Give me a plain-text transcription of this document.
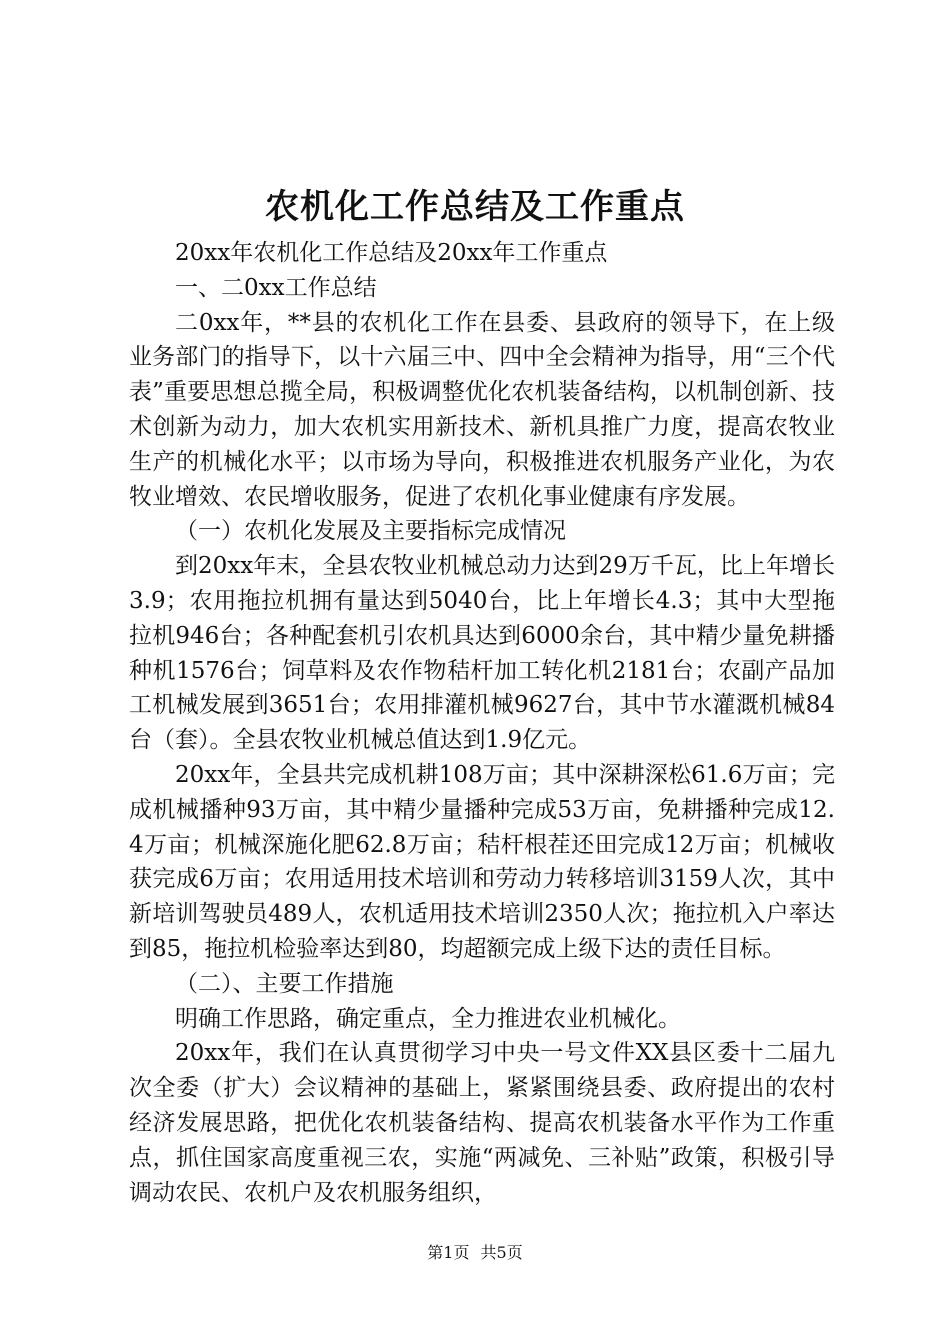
农机化工作总结及工作重点

20xx年农机化工作总结及20xx年工作重点

一、二0xx工作总结

二0xx年，**县的农机化工作在县委、县政府的领导下，在上级业务部门的指导下，以十六届三中、四中全会精神为指导，用“三个代表”重要思想总揽全局，积极调整优化农机装备结构，以机制创新、技术创新为动力，加大农机实用新技术、新机具推广力度，提高农牧业生产的机械化水平；以市场为导向，积极推进农机服务产业化，为农牧业增效、农民增收服务，促进了农机化事业健康有序发展。

（一）农机化发展及主要指标完成情况

到20xx年末，全县农牧业机械总动力达到29万千瓦，比上年增长3.9；农用拖拉机拥有量达到5040台，比上年增长4.3；其中大型拖拉机946台；各种配套机引农机具达到6000余台，其中精少量免耕播种机1576台；饲草料及农作物秸杆加工转化机2181台；农副产品加工机械发展到3651台；农用排灌机械9627台，其中节水灌溉机械84台（套）。全县农牧业机械总值达到1.9亿元。

20xx年，全县共完成机耕108万亩；其中深耕深松61.6万亩；完成机械播种93万亩，其中精少量播种完成53万亩，免耕播种完成12.4万亩；机械深施化肥62.8万亩；秸杆根茬还田完成12万亩；机械收获完成6万亩；农用适用技术培训和劳动力转移培训3159人次，其中新培训驾驶员489人，农机适用技术培训2350人次；拖拉机入户率达到85，拖拉机检验率达到80，均超额完成上级下达的责任目标。

（二）、主要工作措施

明确工作思路，确定重点，全力推进农业机械化。

20xx年，我们在认真贯彻学习中央一号文件XX县区委十二届九次全委（扩大）会议精神的基础上，紧紧围绕县委、政府提出的农村经济发展思路，把优化农机装备结构、提高农机装备水平作为工作重点，抓住国家高度重视三农，实施“两减免、三补贴”政策，积极引导调动农民、农机户及农机服务组织，

第1页 共5页
